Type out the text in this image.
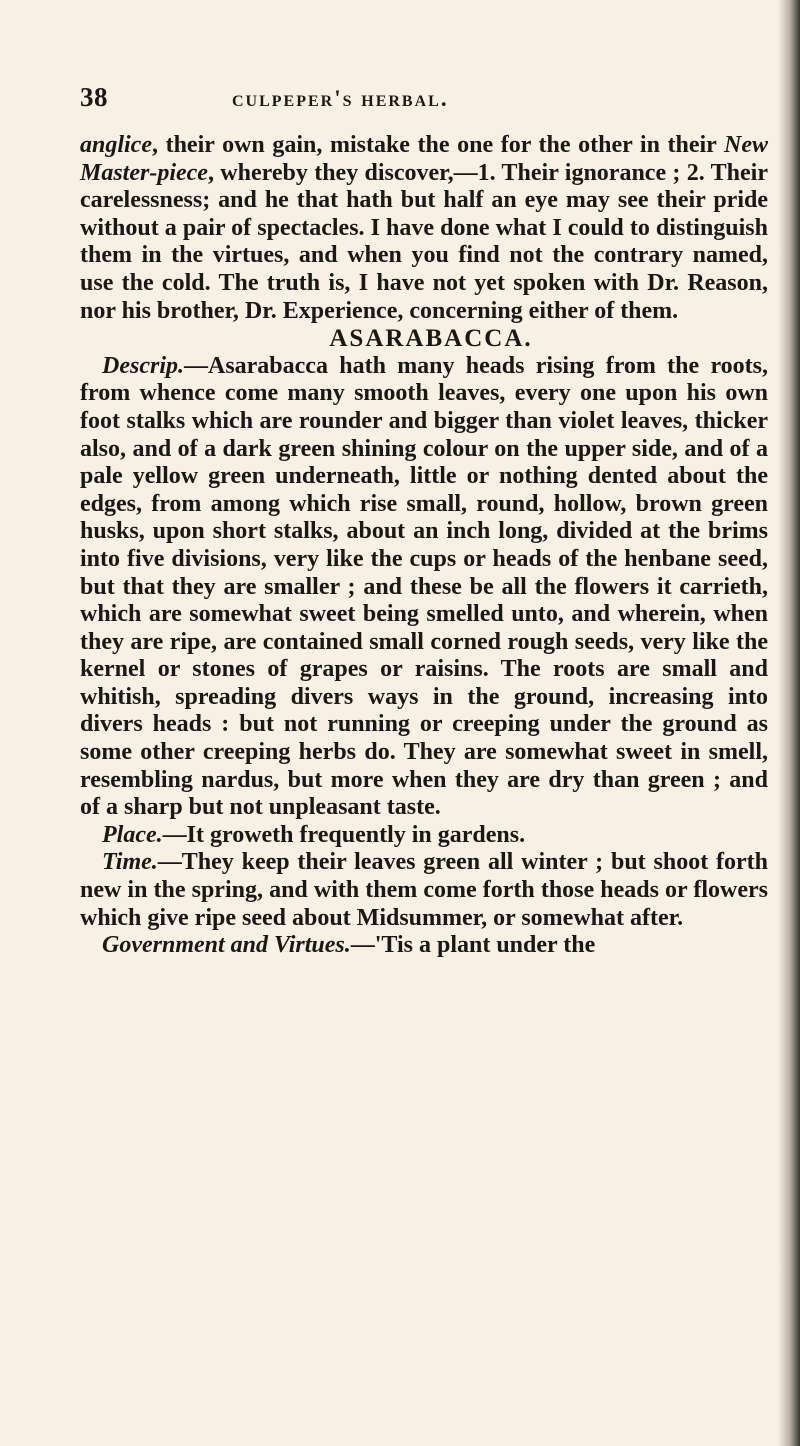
38	culpeper's herbal.

anglice, their own gain, mistake the one for the other in their New Master-piece, whereby they discover,—1. Their ignorance ; 2. Their carelessness; and he that hath but half an eye may see their pride without a pair of spectacles. I have done what I could to distinguish them in the virtues, and when you find not the contrary named, use the cold. The truth is, I have not yet spoken with Dr. Reason, nor his brother, Dr. Experience, concerning either of them.

ASARABACCA.

Descrip.—Asarabacca hath many heads rising from the roots, from whence come many smooth leaves, every one upon his own foot stalks which are rounder and bigger than violet leaves, thicker also, and of a dark green shining colour on the upper side, and of a pale yellow green underneath, little or nothing dented about the edges, from among which rise small, round, hollow, brown green husks, upon short stalks, about an inch long, divided at the brims into five divisions, very like the cups or heads of the henbane seed, but that they are smaller ; and these be all the flowers it carrieth, which are somewhat sweet being smelled unto, and wherein, when they are ripe, are contained small corned rough seeds, very like the kernel or stones of grapes or raisins. The roots are small and whitish, spreading divers ways in the ground, increasing into divers heads : but not running or creeping under the ground as some other creeping herbs do. They are somewhat sweet in smell, resembling nardus, but more when they are dry than green ; and of a sharp but not unpleasant taste.

Place.—It groweth frequently in gardens.

Time.—They keep their leaves green all winter ; but shoot forth new in the spring, and with them come forth those heads or flowers which give ripe seed about Midsummer, or somewhat after.

Government and Virtues.—'Tis a plant under the
